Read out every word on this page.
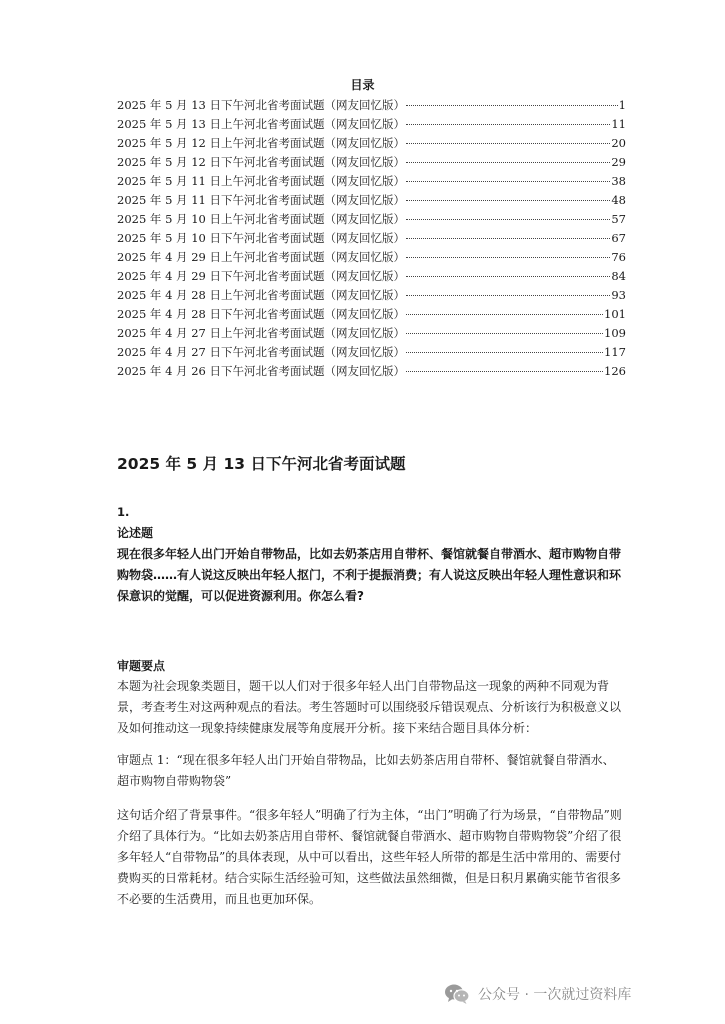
目录
2025 年 5 月 13 日下午河北省考面试题（网友回忆版）	1
2025 年 5 月 13 日上午河北省考面试题（网友回忆版）	11
2025 年 5 月 12 日上午河北省考面试题（网友回忆版）	20
2025 年 5 月 12 日下午河北省考面试题（网友回忆版）	29
2025 年 5 月 11 日上午河北省考面试题（网友回忆版）	38
2025 年 5 月 11 日下午河北省考面试题（网友回忆版）	48
2025 年 5 月 10 日上午河北省考面试题（网友回忆版）	57
2025 年 5 月 10 日下午河北省考面试题（网友回忆版）	67
2025 年 4 月 29 日上午河北省考面试题（网友回忆版）	76
2025 年 4 月 29 日下午河北省考面试题（网友回忆版）	84
2025 年 4 月 28 日上午河北省考面试题（网友回忆版）	93
2025 年 4 月 28 日下午河北省考面试题（网友回忆版）	101
2025 年 4 月 27 日上午河北省考面试题（网友回忆版）	109
2025 年 4 月 27 日下午河北省考面试题（网友回忆版）	117
2025 年 4 月 26 日下午河北省考面试题（网友回忆版）	126
2025 年 5 月 13 日下午河北省考面试题
1.
论述题

现在很多年轻人出门开始自带物品，比如去奶茶店用自带杯、餐馆就餐自带酒水、超市购物自带购物袋……有人说这反映出年轻人抠门，不利于提振消费；有人说这反映出年轻人理性意识和环保意识的觉醒，可以促进资源利用。你怎么看?

审题要点

本题为社会现象类题目，题干以人们对于很多年轻人出门自带物品这一现象的两种不同观为背景，考查考生对这两种观点的看法。考生答题时可以围绕驳斥错误观点、分析该行为积极意义以及如何推动这一现象持续健康发展等角度展开分析。接下来结合题目具体分析：

审题点 1：“现在很多年轻人出门开始自带物品，比如去奶茶店用自带杯、餐馆就餐自带酒水、超市购物自带购物袋”

这句话介绍了背景事件。“很多年轻人”明确了行为主体，“出门”明确了行为场景，“自带物品”则介绍了具体行为。“比如去奶茶店用自带杯、餐馆就餐自带酒水、超市购物自带购物袋”介绍了很多年轻人“自带物品”的具体表现，从中可以看出，这些年轻人所带的都是生活中常用的、需要付费购买的日常耗材。结合实际生活经验可知，这些做法虽然细微，但是日积月累确实能节省很多不必要的生活费用，而且也更加环保。

公众号 · 一次就过资料库
